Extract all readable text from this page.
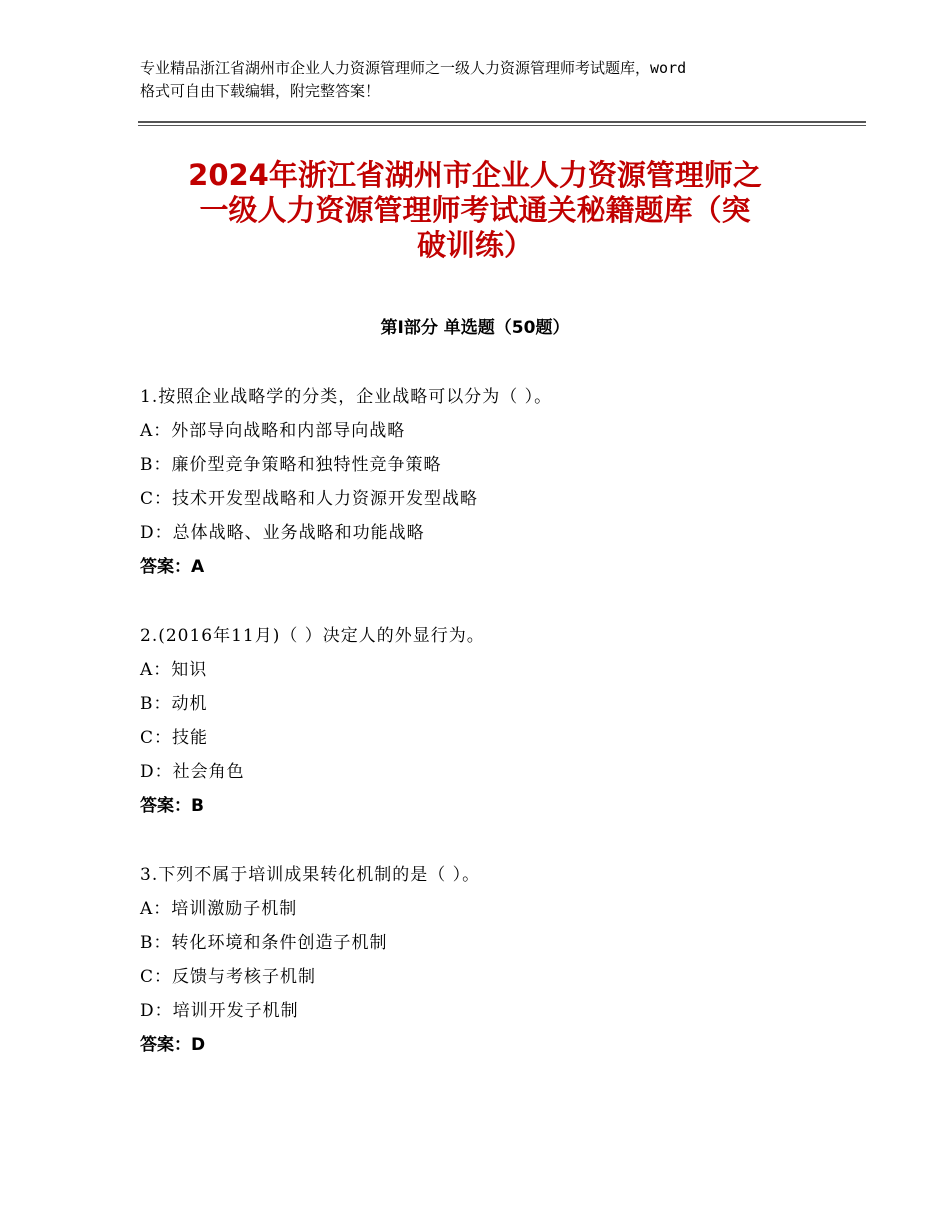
专业精品浙江省湖州市企业人力资源管理师之一级人力资源管理师考试题库，word
格式可自由下载编辑，附完整答案！
2024年浙江省湖州市企业人力资源管理师之
一级人力资源管理师考试通关秘籍题库（突
破训练）
第Ⅰ部分 单选题（50题）
1.按照企业战略学的分类，企业战略可以分为（ ）。
A：外部导向战略和内部导向战略
B：廉价型竞争策略和独特性竞争策略
C：技术开发型战略和人力资源开发型战略
D：总体战略、业务战略和功能战略
答案：A
2.(2016年11月)（ ）决定人的外显行为。
A：知识
B：动机
C：技能
D：社会角色
答案：B
3.下列不属于培训成果转化机制的是（ ）。
A：培训激励子机制
B：转化环境和条件创造子机制
C：反馈与考核子机制
D：培训开发子机制
答案：D
